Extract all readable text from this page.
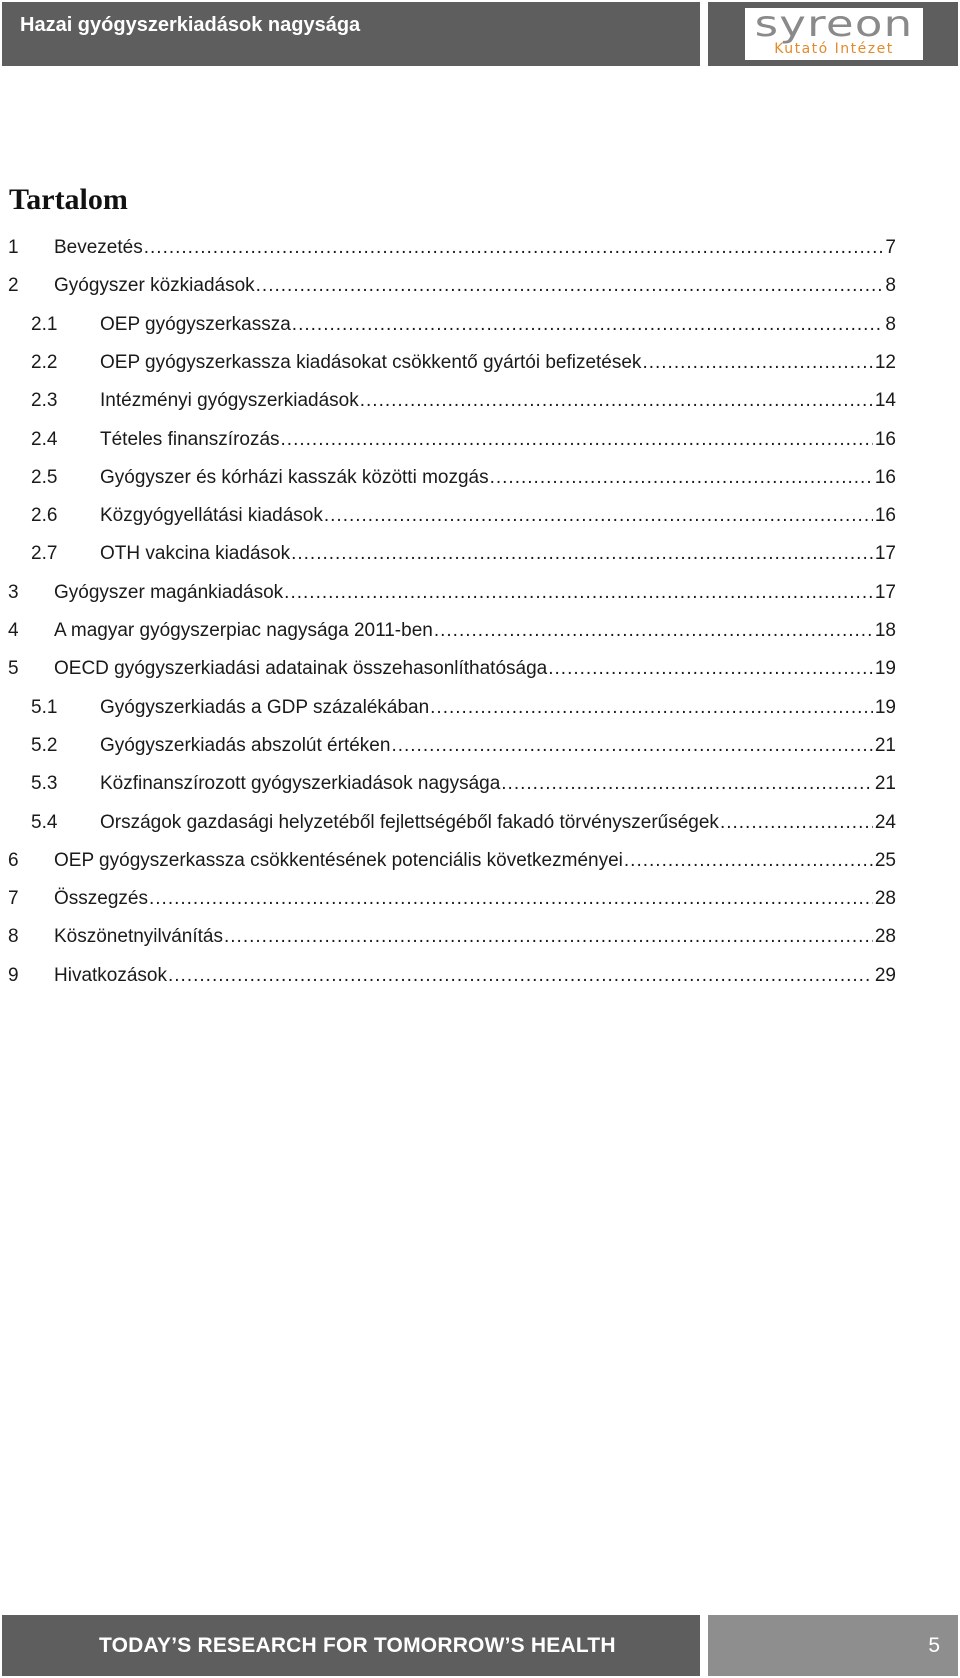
Hazai gyógyszerkiadások nagysága	syreon
Kutató Intézet
Tartalom
1 Bevezetés .....	7
2 Gyógyszer közkiadások .....	8
2.1 OEP gyógyszerkassza .....	8
2.2 OEP gyógyszerkassza kiadásokat csökkentő gyártói befizetések .....	12
2.3 Intézményi gyógyszerkiadások .....	14
2.4 Tételes finanszírozás .....	16
2.5 Gyógyszer és kórházi kasszák közötti mozgás .....	16
2.6 Közgyógyellátási kiadások .....	16
2.7 OTH vakcina kiadások .....	17
3 Gyógyszer magánkiadások .....	17
4 A magyar gyógyszerpiac nagysága 2011-ben .....	18
5 OECD gyógyszerkiadási adatainak összehasonlíthatósága .....	19
5.1 Gyógyszerkiadás a GDP százalékában .....	19
5.2 Gyógyszerkiadás abszolút értéken .....	21
5.3 Közfinanszírozott gyógyszerkiadások nagysága .....	21
5.4 Országok gazdasági helyzetéből fejlettségéből fakadó törvényszerűségek .....	24
6 OEP gyógyszerkassza csökkentésének potenciális következményei .....	25
7 Összegzés .....	28
8 Köszönetnyilvánítás .....	28
9 Hivatkozások .....	29
TODAY’S RESEARCH FOR TOMORROW’S HEALTH	5
